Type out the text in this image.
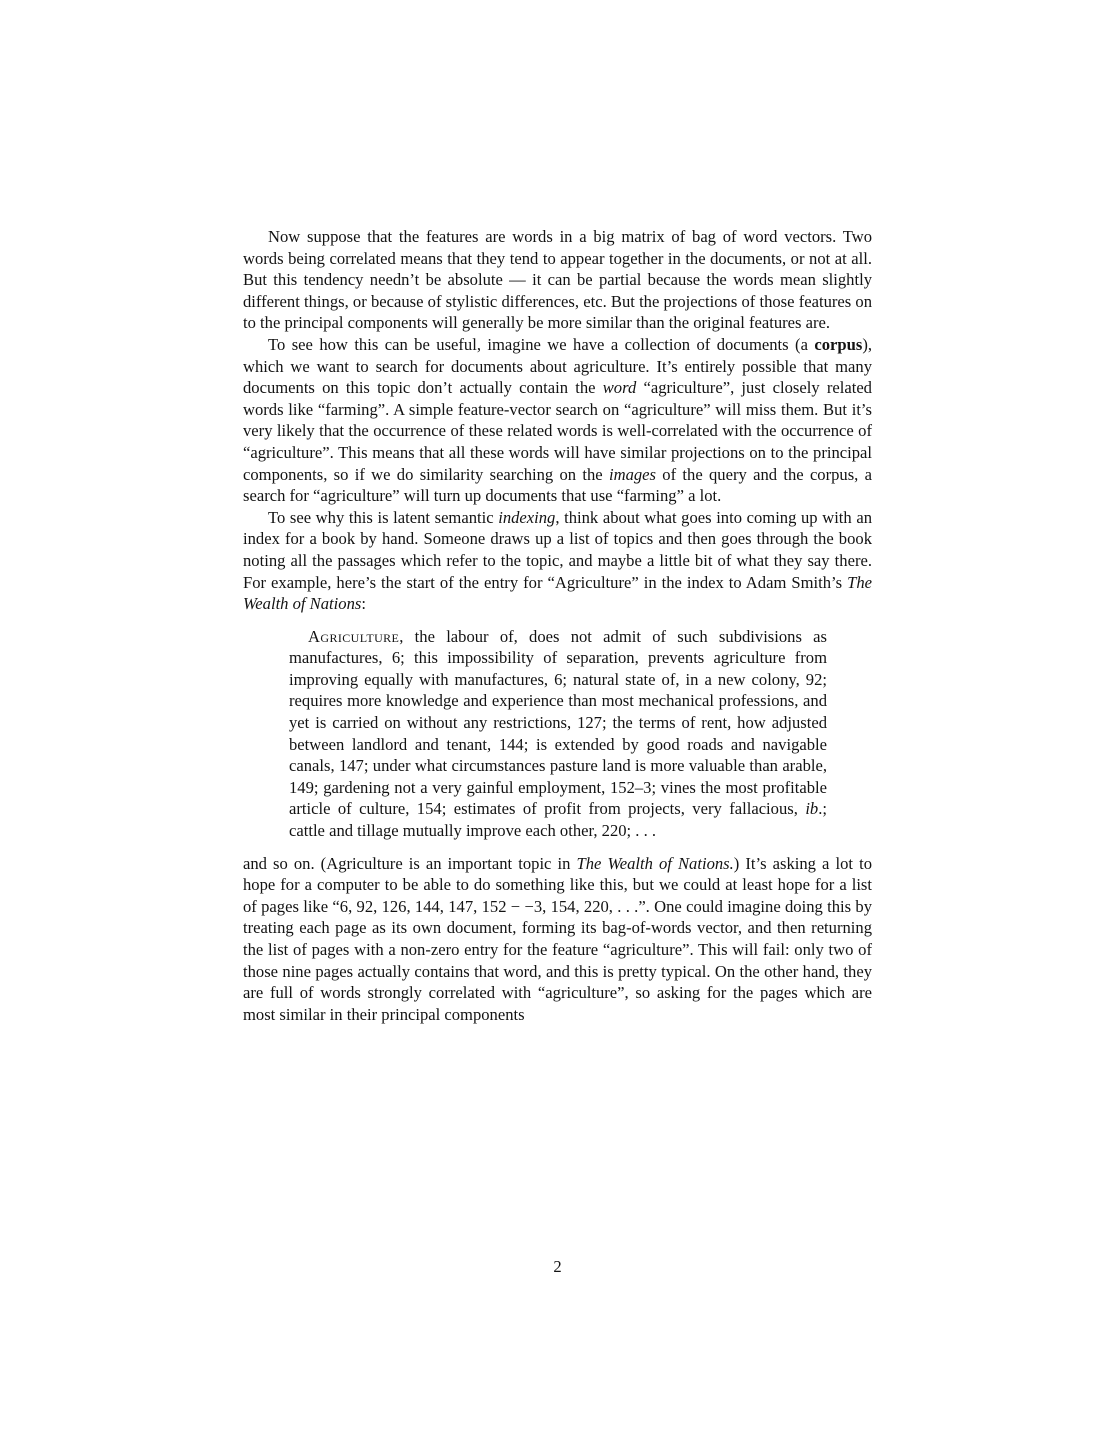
Now suppose that the features are words in a big matrix of bag of word vectors. Two words being correlated means that they tend to appear together in the documents, or not at all. But this tendency needn’t be absolute — it can be partial because the words mean slightly different things, or because of stylistic differences, etc. But the projections of those features on to the principal components will generally be more similar than the original features are.

To see how this can be useful, imagine we have a collection of documents (a corpus), which we want to search for documents about agriculture. It’s entirely possible that many documents on this topic don’t actually contain the word “agriculture”, just closely related words like “farming”. A simple feature-vector search on “agriculture” will miss them. But it’s very likely that the occurrence of these related words is well-correlated with the occurrence of “agriculture”. This means that all these words will have similar projections on to the principal components, so if we do similarity searching on the images of the query and the corpus, a search for “agriculture” will turn up documents that use “farming” a lot.

To see why this is latent semantic indexing, think about what goes into coming up with an index for a book by hand. Someone draws up a list of topics and then goes through the book noting all the passages which refer to the topic, and maybe a little bit of what they say there. For example, here’s the start of the entry for “Agriculture” in the index to Adam Smith’s The Wealth of Nations:

Agriculture, the labour of, does not admit of such subdivisions as manufactures, 6; this impossibility of separation, prevents agriculture from improving equally with manufactures, 6; natural state of, in a new colony, 92; requires more knowledge and experience than most mechanical professions, and yet is carried on without any restrictions, 127; the terms of rent, how adjusted between landlord and tenant, 144; is extended by good roads and navigable canals, 147; under what circumstances pasture land is more valuable than arable, 149; gardening not a very gainful employment, 152–3; vines the most profitable article of culture, 154; estimates of profit from projects, very fallacious, ib.; cattle and tillage mutually improve each other, 220; . . .

and so on. (Agriculture is an important topic in The Wealth of Nations.) It’s asking a lot to hope for a computer to be able to do something like this, but we could at least hope for a list of pages like “6, 92, 126, 144, 147, 152 − −3, 154, 220, . . .”. One could imagine doing this by treating each page as its own document, forming its bag-of-words vector, and then returning the list of pages with a non-zero entry for the feature “agriculture”. This will fail: only two of those nine pages actually contains that word, and this is pretty typical. On the other hand, they are full of words strongly correlated with “agriculture”, so asking for the pages which are most similar in their principal components

2
